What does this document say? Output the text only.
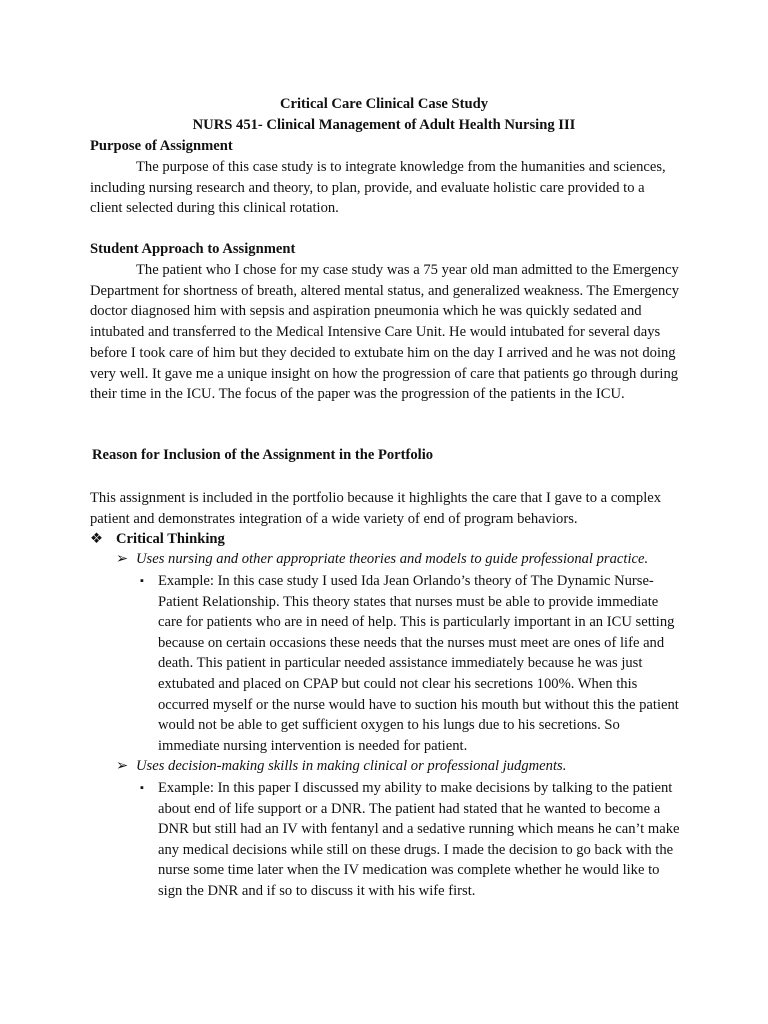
Critical Care Clinical Case Study
NURS 451- Clinical Management of Adult Health Nursing III
Purpose of Assignment
The purpose of this case study is to integrate knowledge from the humanities and sciences, including nursing research and theory, to plan, provide, and evaluate holistic care provided to a client selected during this clinical rotation.
Student Approach to Assignment
The patient who I chose for my case study was a 75 year old man admitted to the Emergency Department for shortness of breath, altered mental status, and generalized weakness. The Emergency doctor diagnosed him with sepsis and aspiration pneumonia which he was quickly sedated and intubated and transferred to the Medical Intensive Care Unit. He would intubated for several days before I took care of him but they decided to extubate him on the day I arrived and he was not doing very well. It gave me a unique insight on how the progression of care that patients go through during their time in the ICU. The focus of the paper was the progression of the patients in the ICU.
Reason for Inclusion of the Assignment in the Portfolio
This assignment is included in the portfolio because it highlights the care that I gave to a complex patient and demonstrates integration of a wide variety of end of program behaviors.
❖ Critical Thinking
➢ Uses nursing and other appropriate theories and models to guide professional practice.
▪ Example: In this case study I used Ida Jean Orlando’s theory of The Dynamic Nurse-Patient Relationship. This theory states that nurses must be able to provide immediate care for patients who are in need of help. This is particularly important in an ICU setting because on certain occasions these needs that the nurses must meet are ones of life and death. This patient in particular needed assistance immediately because he was just extubated and placed on CPAP but could not clear his secretions 100%. When this occurred myself or the nurse would have to suction his mouth but without this the patient would not be able to get sufficient oxygen to his lungs due to his secretions. So immediate nursing intervention is needed for patient.
➢ Uses decision-making skills in making clinical or professional judgments.
▪ Example: In this paper I discussed my ability to make decisions by talking to the patient about end of life support or a DNR. The patient had stated that he wanted to become a DNR but still had an IV with fentanyl and a sedative running which means he can’t make any medical decisions while still on these drugs. I made the decision to go back with the nurse some time later when the IV medication was complete whether he would like to sign the DNR and if so to discuss it with his wife first.
